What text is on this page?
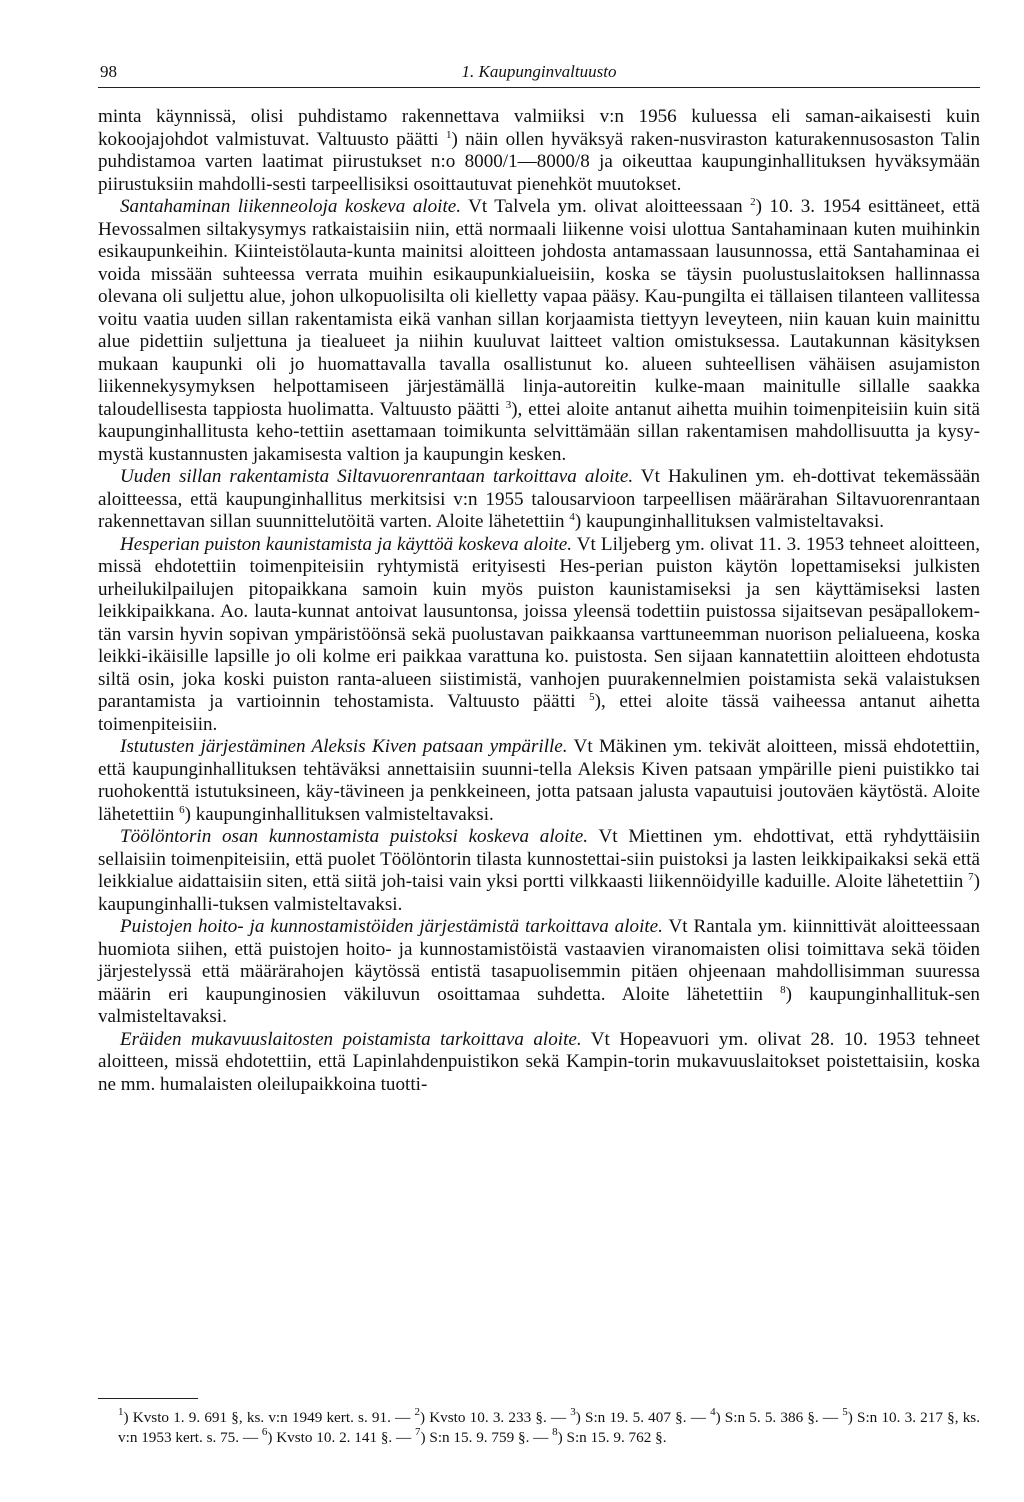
98	1. Kaupunginvaltuusto

minta käynnissä, olisi puhdistamo rakennettava valmiiksi v:n 1956 kuluessa eli saman-aikaisesti kuin kokoojajohdot valmistuvat. Valtuusto päätti $^1$) näin ollen hyväksyä raken-nusviraston katurakennusosaston Talin puhdistamoa varten laatimat piirustukset n:o 8000/1—8000/8 ja oikeuttaa kaupunginhallituksen hyväksymään piirustuksiin mahdolli-sesti tarpeellisiksi osoittautuvat pienehköt muutokset.

Santahaminan liikenneoloja koskeva aloite. Vt Talvela ym. olivat aloitteessaan $^2$) 10. 3. 1954 esittäneet, että Hevossalmen siltakysymys ratkaistaisiin niin, että normaali liikenne voisi ulottua Santahaminaan kuten muihinkin esikaupunkeihin. Kiinteistölauta-kunta mainitsi aloitteen johdosta antamassaan lausunnossa, että Santahaminaa ei voida missään suhteessa verrata muihin esikaupunkialueisiin, koska se täysin puolustuslaitoksen hallinnassa olevana oli suljettu alue, johon ulkopuolisilta oli kielletty vapaa pääsy. Kau-pungilta ei tällaisen tilanteen vallitessa voitu vaatia uuden sillan rakentamista eikä vanhan sillan korjaamista tiettyyn leveyteen, niin kauan kuin mainittu alue pidettiin suljettuna ja tiealueet ja niihin kuuluvat laitteet valtion omistuksessa. Lautakunnan käsityksen mukaan kaupunki oli jo huomattavalla tavalla osallistunut ko. alueen suhteellisen vähäisen asujamiston liikennekysymyksen helpottamiseen järjestämällä linja-autoreitin kulke-maan mainitulle sillalle saakka taloudellisesta tappiosta huolimatta. Valtuusto päätti $^3$), ettei aloite antanut aihetta muihin toimenpiteisiin kuin sitä kaupunginhallitusta keho-tettiin asettamaan toimikunta selvittämään sillan rakentamisen mahdollisuutta ja kysy-mystä kustannusten jakamisesta valtion ja kaupungin kesken.

Uuden sillan rakentamista Siltavuorenrantaan tarkoittava aloite. Vt Hakulinen ym. eh-dottivat tekemässään aloitteessa, että kaupunginhallitus merkitsisi v:n 1955 talousarvioon tarpeellisen määrärahan Siltavuorenrantaan rakennettavan sillan suunnittelutöitä varten. Aloite lähetettiin $^4$) kaupunginhallituksen valmisteltavaksi.

Hesperian puiston kaunistamista ja käyttöä koskeva aloite. Vt Liljeberg ym. olivat 11. 3. 1953 tehneet aloitteen, missä ehdotettiin toimenpiteisiin ryhtymistä erityisesti Hes-perian puiston käytön lopettamiseksi julkisten urheilukilpailujen pitopaikkana samoin kuin myös puiston kaunistamiseksi ja sen käyttämiseksi lasten leikkipaikkana. Ao. lauta-kunnat antoivat lausuntonsa, joissa yleensä todettiin puistossa sijaitsevan pesäpallokem-tän varsin hyvin sopivan ympäristöönsä sekä puolustavan paikkaansa varttuneemman nuorison pelialueena, koska leikki-ikäisille lapsille jo oli kolme eri paikkaa varattuna ko. puistosta. Sen sijaan kannatettiin aloitteen ehdotusta siltä osin, joka koski puiston ranta-alueen siistimistä, vanhojen puurakennelmien poistamista sekä valaistuksen parantamista ja vartioinnin tehostamista. Valtuusto päätti $^5$), ettei aloite tässä vaiheessa antanut aihetta toimenpiteisiin.

Istutusten järjestäminen Aleksis Kiven patsaan ympärille. Vt Mäkinen ym. tekivät aloitteen, missä ehdotettiin, että kaupunginhallituksen tehtäväksi annettaisiin suunni-tella Aleksis Kiven patsaan ympärille pieni puistikko tai ruohokenttä istutuksineen, käy-tävineen ja penkkeineen, jotta patsaan jalusta vapautuisi joutoväen käytöstä. Aloite lähetettiin $^6$) kaupunginhallituksen valmisteltavaksi.

Töölöntorin osan kunnostamista puistoksi koskeva aloite. Vt Miettinen ym. ehdottivat, että ryhdyttäisiin sellaisiin toimenpiteisiin, että puolet Töölöntorin tilasta kunnostettai-siin puistoksi ja lasten leikkipaikaksi sekä että leikkialue aidattaisiin siten, että siitä joh-taisi vain yksi portti vilkkaasti liikennöidyille kaduille. Aloite lähetettiin $^7$) kaupunginhalli-tuksen valmisteltavaksi.

Puistojen hoito- ja kunnostamistöiden järjestämistä tarkoittava aloite. Vt Rantala ym. kiinnittivät aloitteessaan huomiota siihen, että puistojen hoito- ja kunnostamistöistä vastaavien viranomaisten olisi toimittava sekä töiden järjestelyssä että määrärahojen käytössä entistä tasapuolisemmin pitäen ohjeenaan mahdollisimman suuressa määrin eri kaupunginosien väkiluvun osoittamaa suhdetta. Aloite lähetettiin $^8$) kaupunginhallituk-sen valmisteltavaksi.

Eräiden mukavuuslaitosten poistamista tarkoittava aloite. Vt Hopeavuori ym. olivat 28. 10. 1953 tehneet aloitteen, missä ehdotettiin, että Lapinlahdenpuistikon sekä Kampin-torin mukavuuslaitokset poistettaisiin, koska ne mm. humalaisten oleilupaikkoina tuotti-

$^1$) Kvsto 1. 9. 691 §, ks. v:n 1949 kert. s. 91. — $^2$) Kvsto 10. 3. 233 §. — $^3$) S:n 19. 5. 407 §. — $^4$) S:n 5. 5. 386 §. — $^5$) S:n 10. 3. 217 §, ks. v:n 1953 kert. s. 75. — $^6$) Kvsto 10. 2. 141 §. — $^7$) S:n 15. 9. 759 §. — $^8$) S:n 15. 9. 762 §.
